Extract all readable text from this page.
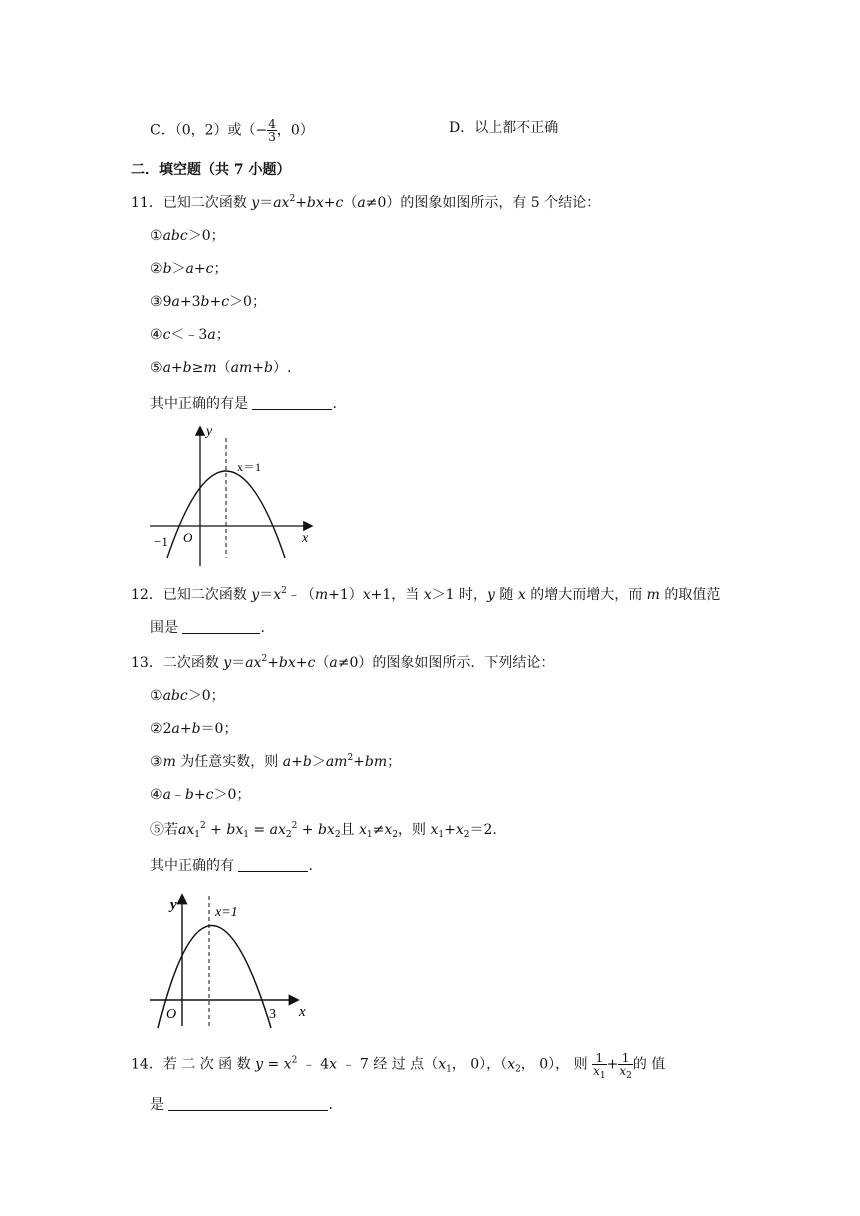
C．（0，2）或（− $\frac{4}{3}$ ，0）	D．以上都不正确
二．填空题（共 7 小题）
11．已知二次函数 $y=ax^2+bx+c(a\ne 0)$的图象如图所示，有 5 个结论：
①abc＞0；
②b＞a+c；
③9a+3b+c＞0；
④c＜﹣3a；
⑤a+b≥m（am+b）.
其中正确的有是	.
y
x
O
−1
x＝1
12．已知二次函数 $y=x^2﹣(m+1)x+1$，当 x＞1 时，y 随 x 的增大而增大，而 m 的取值范
围是	.
13．二次函数 $y=ax^2+bx+c(a\ne 0)$的图象如图所示．下列结论：
①abc＞0；
②2a+b＝0；
③m 为任意实数，则 $a+b>am^2+bm$；
④a﹣b+c＞0；
⑤若$ax_1^2 + bx_1 = ax_2^2 + bx_2$且 $x_1\ne x_2$，则 $x_1+x_2=2$.
其中正确的有	.
y
x
O	3
x=1
14．若 二 次 函 数 $y = x^2$ ﹣ 4x ﹣ 7 经 过 点（$x_1$， 0），（$x_2$， 0）， 则 $\frac{1}{x_1} + \frac{1}{x_2}$ 的 值
是	.
